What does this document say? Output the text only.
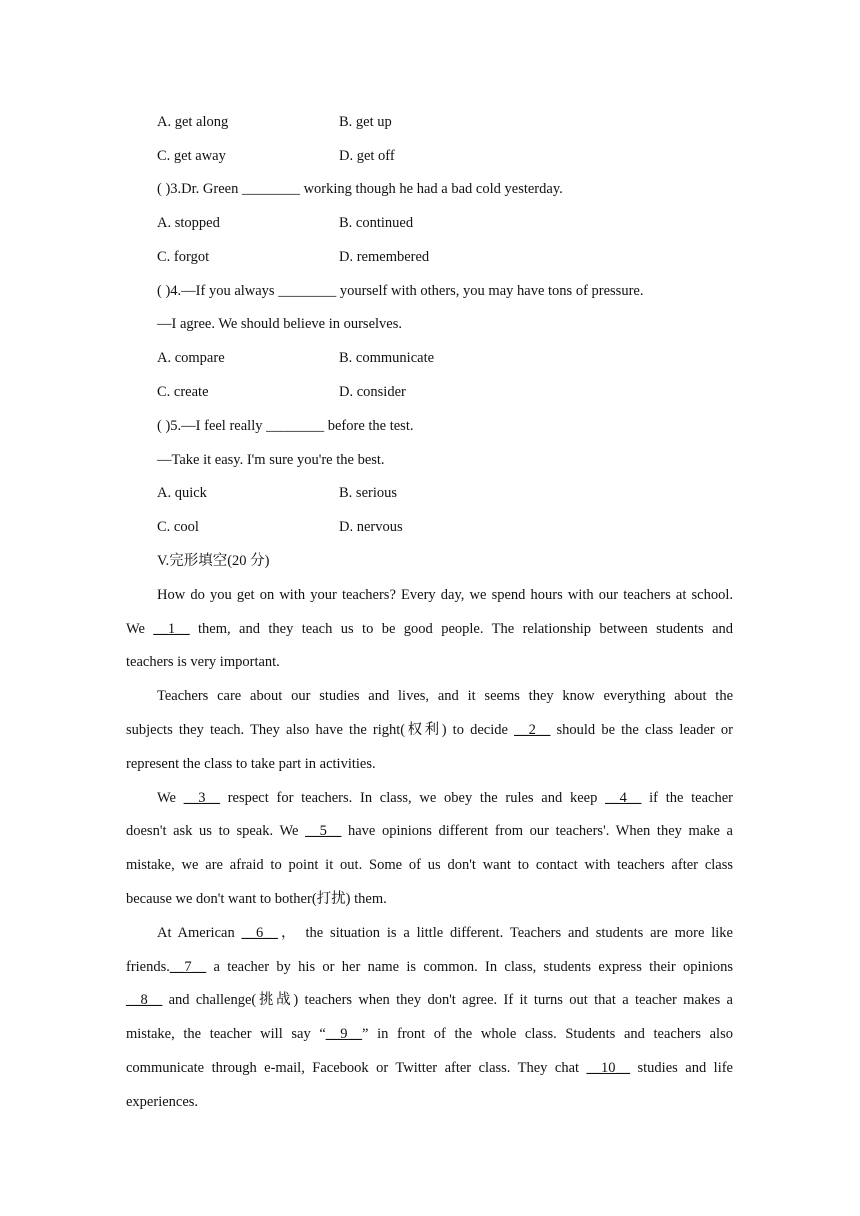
A. get along	B. get up
C. get away	D. get off
( )3.Dr. Green ________ working though he had a bad cold yesterday.
A. stopped	B. continued
C. forgot	D. remembered
( )4.—If you always ________ yourself with others, you may have tons of pressure.
—I agree. We should believe in ourselves.
A. compare	B. communicate
C. create	D. consider
( )5.—I feel really ________ before the test.
—Take it easy. I'm sure you're the best.
A. quick	B. serious
C. cool	D. nervous
V.完形填空(20 分)
How do you get on with your teachers? Every day, we spend hours with our teachers at school.
We __1__ them, and they teach us to be good people. The relationship between students and
teachers is very important.
Teachers care about our studies and lives, and it seems they know everything about the
subjects they teach. They also have the right(权利) to decide __2__ should be the class leader or
represent the class to take part in activities.
We __3__ respect for teachers. In class, we obey the rules and keep __4__ if the teacher
doesn't ask us to speak. We __5__ have opinions different from our teachers'. When they make a
mistake, we are afraid to point it out. Some of us don't want to contact with teachers after class
because we don't want to bother(打扰) them.
At American __6__， the situation is a little different. Teachers and students are more like
friends.__7__ a teacher by his or her name is common. In class, students express their opinions
__8__ and challenge(挑战) teachers when they don't agree. If it turns out that a teacher makes a
mistake, the teacher will say “__9__” in front of the whole class. Students and teachers also
communicate through e-mail, Facebook or Twitter after class. They chat __10__ studies and life
experiences.
